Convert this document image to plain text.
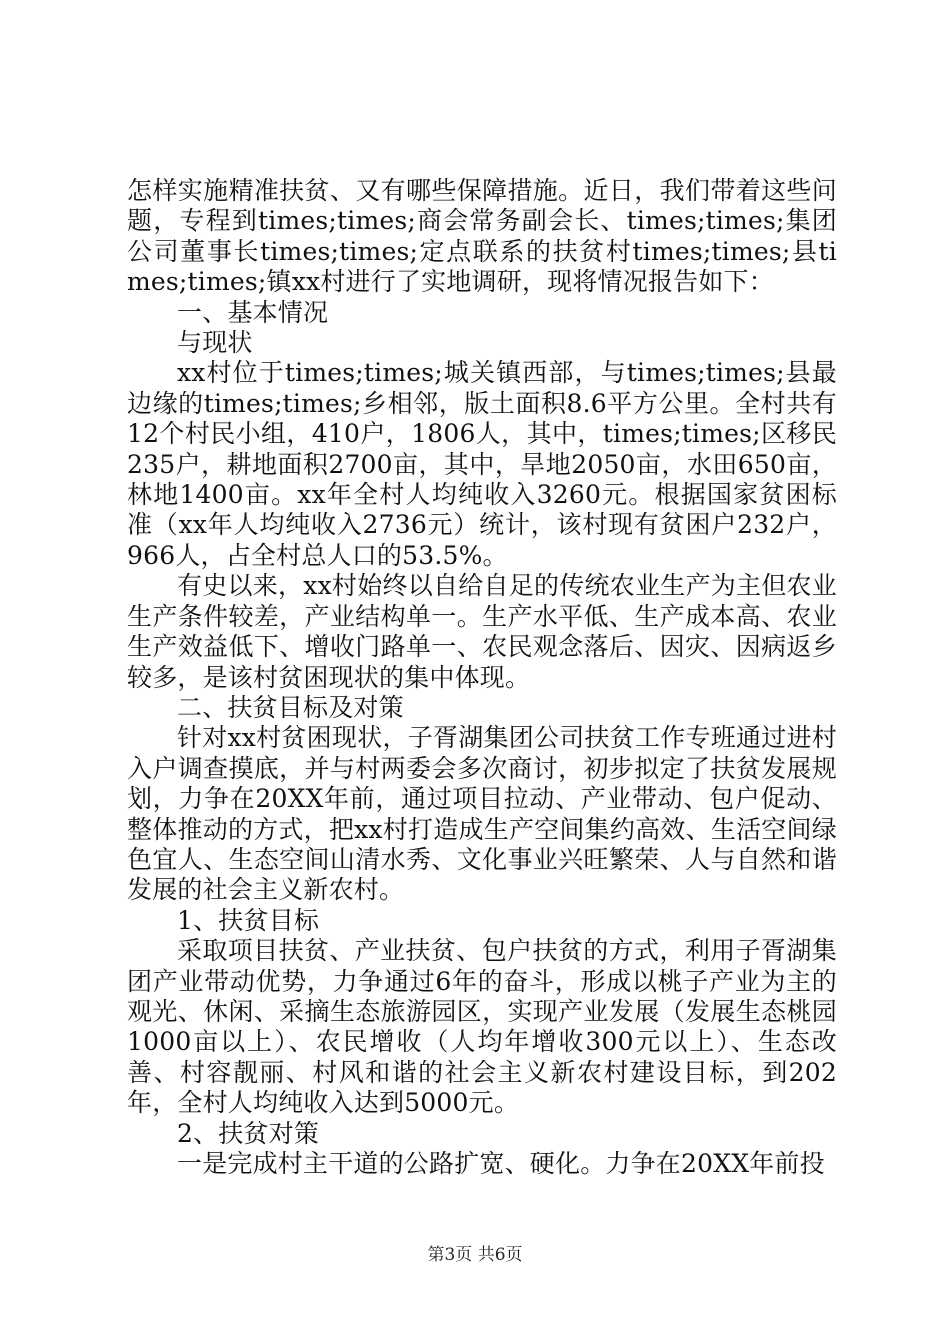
怎样实施精准扶贫、又有哪些保障措施。近日，我们带着这些问题，专程到times;times;商会常务副会长、times;times;集团公司董事长times;times;定点联系的扶贫村times;times;县times;times;镇xx村进行了实地调研，现将情况报告如下：

一、基本情况

与现状

xx村位于times;times;城关镇西部，与times;times;县最边缘的times;times;乡相邻，版土面积8.6平方公里。全村共有12个村民小组，410户，1806人，其中，times;times;区移民235户，耕地面积2700亩，其中，旱地2050亩，水田650亩，林地1400亩。xx年全村人均纯收入3260元。根据国家贫困标准（xx年人均纯收入2736元）统计，该村现有贫困户232户，966人，占全村总人口的53.5%。

有史以来，xx村始终以自给自足的传统农业生产为主但农业生产条件较差，产业结构单一。生产水平低、生产成本高、农业生产效益低下、增收门路单一、农民观念落后、因灾、因病返乡较多，是该村贫困现状的集中体现。

二、扶贫目标及对策

针对xx村贫困现状，子胥湖集团公司扶贫工作专班通过进村入户调查摸底，并与村两委会多次商讨，初步拟定了扶贫发展规划，力争在20XX年前，通过项目拉动、产业带动、包户促动、整体推动的方式，把xx村打造成生产空间集约高效、生活空间绿色宜人、生态空间山清水秀、文化事业兴旺繁荣、人与自然和谐发展的社会主义新农村。

1、扶贫目标

采取项目扶贫、产业扶贫、包户扶贫的方式，利用子胥湖集团产业带动优势，力争通过6年的奋斗，形成以桃子产业为主的观光、休闲、采摘生态旅游园区，实现产业发展（发展生态桃园1000亩以上）、农民增收（人均年增收300元以上）、生态改善、村容靓丽、村风和谐的社会主义新农村建设目标，到202年，全村人均纯收入达到5000元。

2、扶贫对策

一是完成村主干道的公路扩宽、硬化。力争在20XX年前投

第3页 共6页
